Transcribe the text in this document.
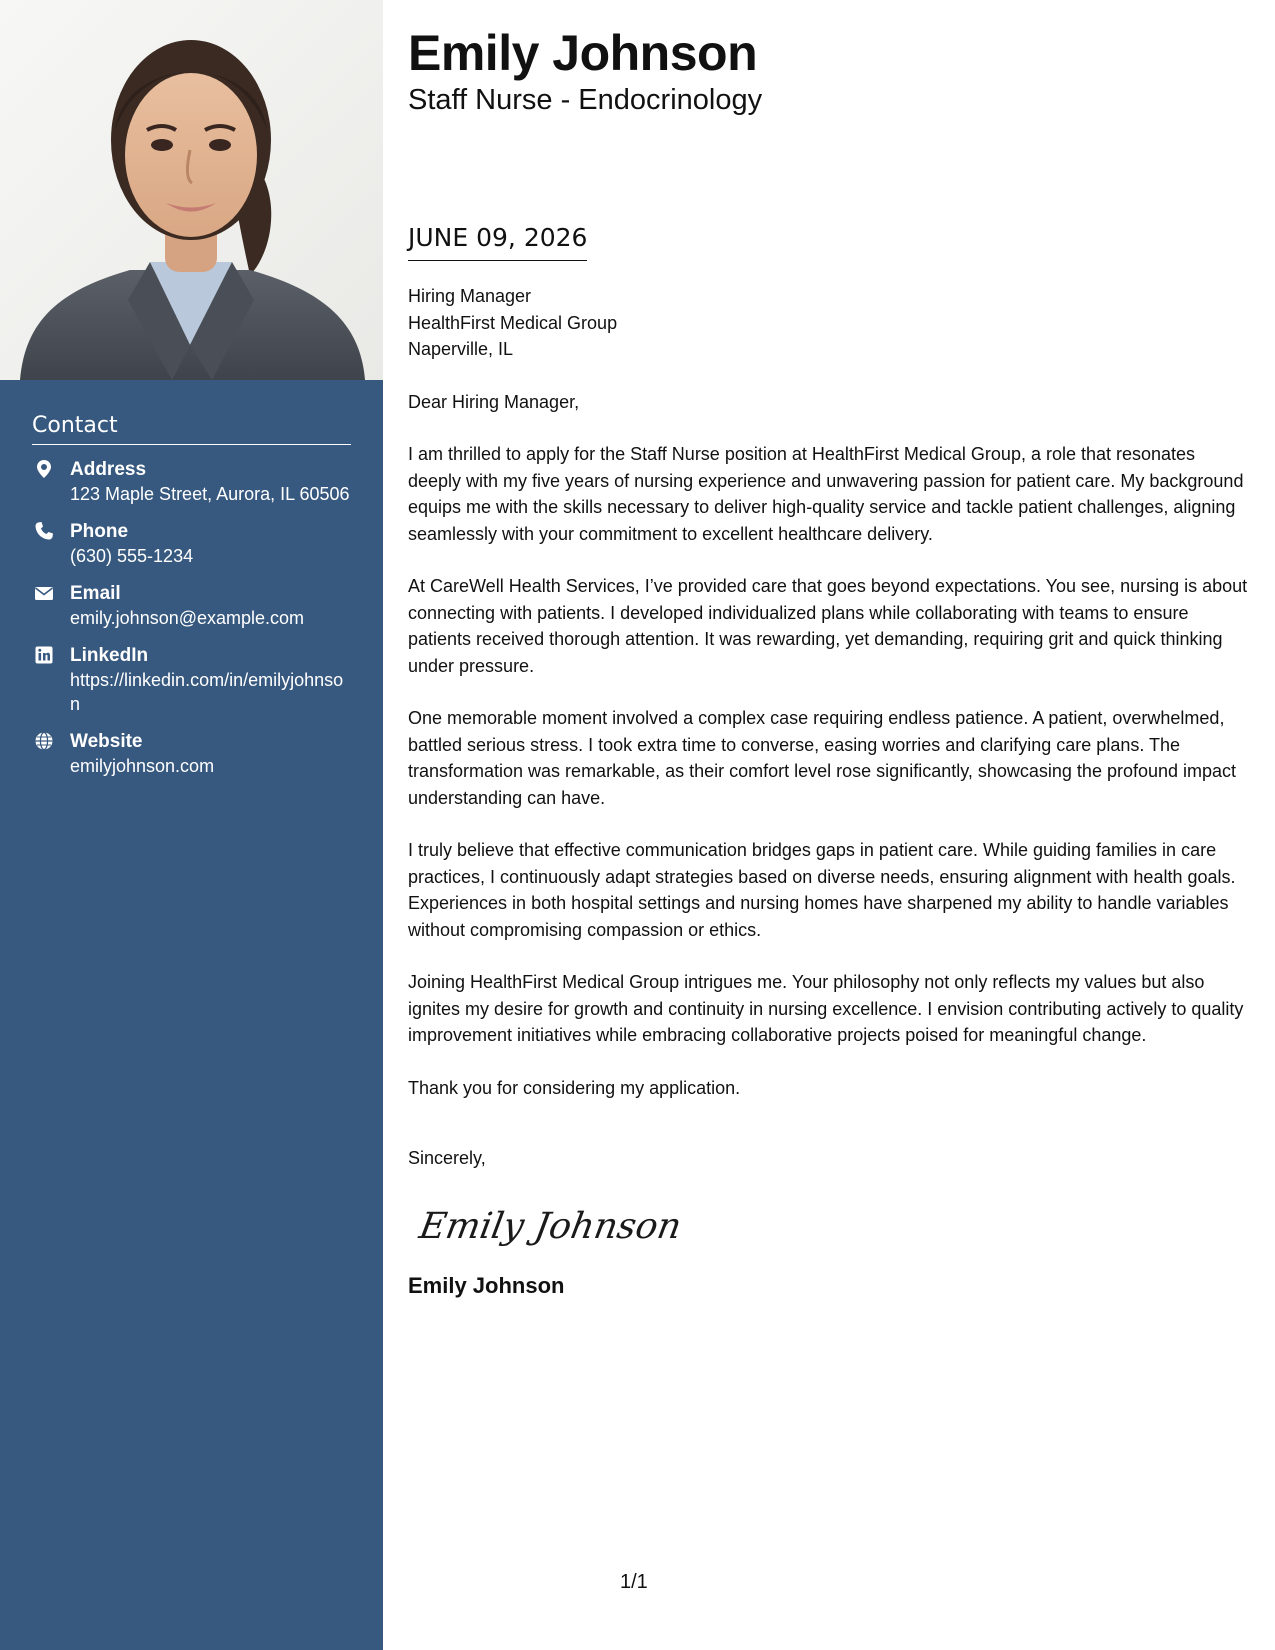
Contact
Address
123 Maple Street, Aurora, IL 60506
Phone
(630) 555-1234
Email
emily.johnson@example.com
LinkedIn
https://linkedin.com/in/emilyjohnson
Website
emilyjohnson.com
Emily Johnson
Staff Nurse - Endocrinology
JUNE 09, 2026
Hiring Manager
HealthFirst Medical Group
Naperville, IL
Dear Hiring Manager,

I am thrilled to apply for the Staff Nurse position at HealthFirst Medical Group, a role that resonates deeply with my five years of nursing experience and unwavering passion for patient care. My background equips me with the skills necessary to deliver high-quality service and tackle patient challenges, aligning seamlessly with your commitment to excellent healthcare delivery.

At CareWell Health Services, I’ve provided care that goes beyond expectations. You see, nursing is about connecting with patients. I developed individualized plans while collaborating with teams to ensure patients received thorough attention. It was rewarding, yet demanding, requiring grit and quick thinking under pressure.

One memorable moment involved a complex case requiring endless patience. A patient, overwhelmed, battled serious stress. I took extra time to converse, easing worries and clarifying care plans. The transformation was remarkable, as their comfort level rose significantly, showcasing the profound impact understanding can have.

I truly believe that effective communication bridges gaps in patient care. While guiding families in care practices, I continuously adapt strategies based on diverse needs, ensuring alignment with health goals. Experiences in both hospital settings and nursing homes have sharpened my ability to handle variables without compromising compassion or ethics.

Joining HealthFirst Medical Group intrigues me. Your philosophy not only reflects my values but also ignites my desire for growth and continuity in nursing excellence. I envision contributing actively to quality improvement initiatives while embracing collaborative projects poised for meaningful change.

Thank you for considering my application.

Sincerely,
Emily Johnson
Emily Johnson
1/1
